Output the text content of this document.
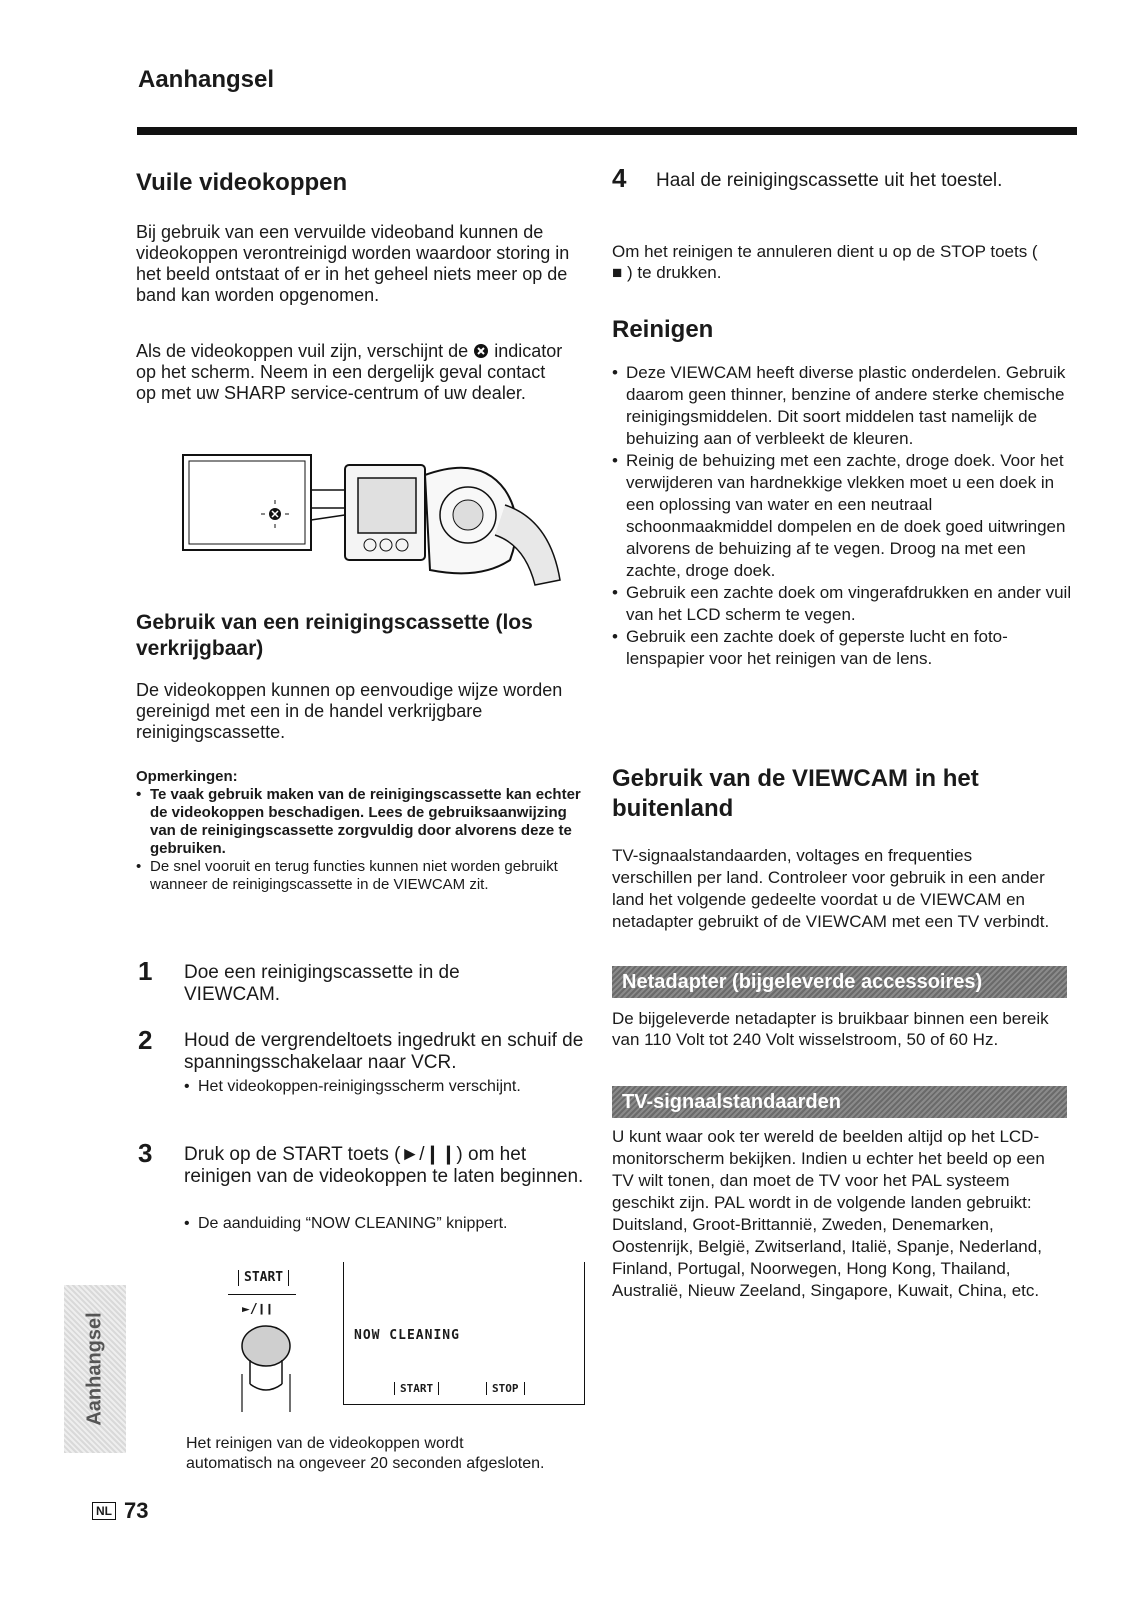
Aanhangsel
Vuile videokoppen
Bij gebruik van een vervuilde videoband kunnen de videokoppen verontreinigd worden waardoor storing in het beeld ontstaat of er in het geheel niets meer op de band kan worden opgenomen.
Als de videokoppen vuil zijn, verschijnt de indicator op het scherm. Neem in een dergelijk geval contact op met uw SHARP service-centrum of uw dealer.
Gebruik van een reinigingscassette (los verkrijgbaar)
De videokoppen kunnen op eenvoudige wijze worden gereinigd met een in de handel verkrijgbare reinigingscassette.
Opmerkingen:
• Te vaak gebruik maken van de reinigingscassette kan echter de videokoppen beschadigen. Lees de gebruiksaanwijzing van de reinigingscassette zorgvuldig door alvorens deze te gebruiken.
• De snel vooruit en terug functies kunnen niet worden gebruikt wanneer de reinigingscassette in de VIEWCAM zit.
1 Doe een reinigingscassette in de VIEWCAM.
2 Houd de vergrendeltoets ingedrukt en schuif de spanningsschakelaar naar VCR.
• Het videokoppen-reinigingsscherm verschijnt.
3 Druk op de START toets (►/❙❙) om het reinigen van de videokoppen te laten beginnen.
• De aanduiding “NOW CLEANING” knippert.
START
►/❙❙
NOW CLEANING
START	STOP
Het reinigen van de videokoppen wordt automatisch na ongeveer 20 seconden afgesloten.
4 Haal de reinigingscassette uit het toestel.
Om het reinigen te annuleren dient u op de STOP toets ( ■ ) te drukken.
Reinigen
• Deze VIEWCAM heeft diverse plastic onderdelen. Gebruik daarom geen thinner, benzine of andere sterke chemische reinigingsmiddelen. Dit soort middelen tast namelijk de behuizing aan of verbleekt de kleuren.
• Reinig de behuizing met een zachte, droge doek. Voor het verwijderen van hardnekkige vlekken moet u een doek in een oplossing van water en een neutraal schoonmaakmiddel dompelen en de doek goed uitwringen alvorens de behuizing af te vegen. Droog na met een zachte, droge doek.
• Gebruik een zachte doek om vingerafdrukken en ander vuil van het LCD scherm te vegen.
• Gebruik een zachte doek of geperste lucht en foto-lenspapier voor het reinigen van de lens.
Gebruik van de VIEWCAM in het buitenland
TV-signaalstandaarden, voltages en frequenties verschillen per land. Controleer voor gebruik in een ander land het volgende gedeelte voordat u de VIEWCAM en netadapter gebruikt of de VIEWCAM met een TV verbindt.
Netadapter (bijgeleverde accessoires)
De bijgeleverde netadapter is bruikbaar binnen een bereik van 110 Volt tot 240 Volt wisselstroom, 50 of 60 Hz.
TV-signaalstandaarden
U kunt waar ook ter wereld de beelden altijd op het LCD-monitorscherm bekijken. Indien u echter het beeld op een TV wilt tonen, dan moet de TV voor het PAL systeem geschikt zijn. PAL wordt in de volgende landen gebruikt: Duitsland, Groot-Brittannië, Zweden, Denemarken, Oostenrijk, België, Zwitserland, Italië, Spanje, Nederland, Finland, Portugal, Noorwegen, Hong Kong, Thailand, Australië, Nieuw Zeeland, Singapore, Kuwait, China, etc.
Aanhangsel
NL 73
